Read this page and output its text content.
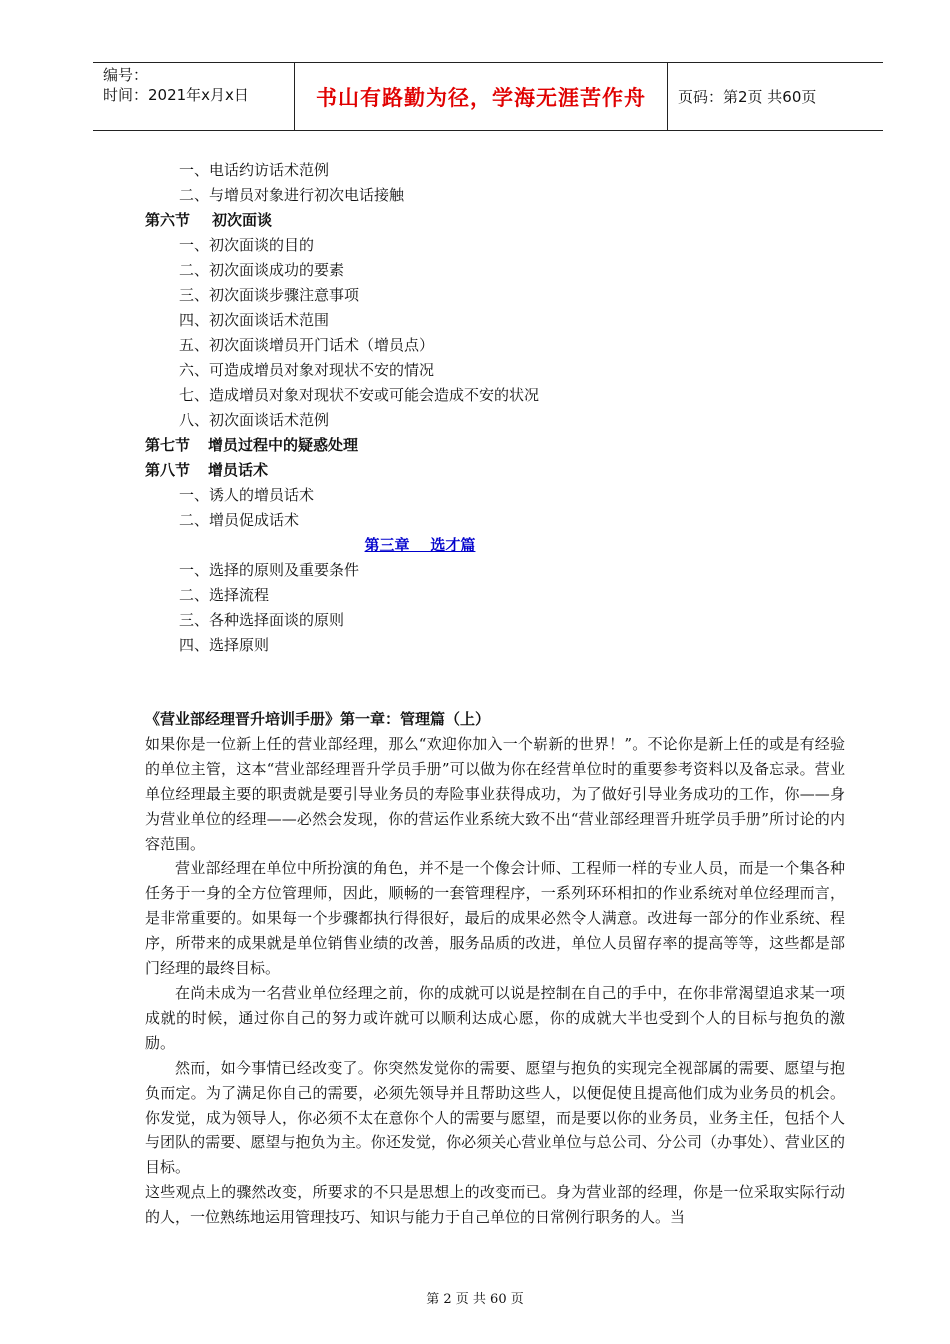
编号：
时间：2021年x月x日	书山有路勤为径，学海无涯苦作舟	页码：第2页 共60页
一、电话约访话术范例
二、与增员对象进行初次电话接触
第六节 初次面谈
一、初次面谈的目的
二、初次面谈成功的要素
三、初次面谈步骤注意事项
四、初次面谈话术范围
五、初次面谈增员开门话术（增员点）
六、可造成增员对象对现状不安的情况
七、造成增员对象对现状不安或可能会造成不安的状况
八、初次面谈话术范例
第七节 增员过程中的疑惑处理
第八节 增员话术
一、诱人的增员话术
二、增员促成话术
第三章    选才篇
一、选择的原则及重要条件
二、选择流程
三、各种选择面谈的原则
四、选择原则
《营业部经理晋升培训手册》第一章：管理篇（上）

如果你是一位新上任的营业部经理，那么“欢迎你加入一个崭新的世界！”。不论你是新上任的或是有经验的单位主管，这本“营业部经理晋升学员手册”可以做为你在经营单位时的重要参考资料以及备忘录。营业单位经理最主要的职责就是要引导业务员的寿险事业获得成功，为了做好引导业务成功的工作，你——身为营业单位的经理——必然会发现，你的营运作业系统大致不出“营业部经理晋升班学员手册”所讨论的内容范围。

营业部经理在单位中所扮演的角色，并不是一个像会计师、工程师一样的专业人员，而是一个集各种任务于一身的全方位管理师，因此，顺畅的一套管理程序，一系列环环相扣的作业系统对单位经理而言，是非常重要的。如果每一个步骤都执行得很好，最后的成果必然令人满意。改进每一部分的作业系统、程序，所带来的成果就是单位销售业绩的改善，服务品质的改进，单位人员留存率的提高等等，这些都是部门经理的最终目标。

在尚未成为一名营业单位经理之前，你的成就可以说是控制在自己的手中，在你非常渴望追求某一项成就的时候，通过你自己的努力或许就可以顺利达成心愿，你的成就大半也受到个人的目标与抱负的激励。

然而，如今事情已经改变了。你突然发觉你的需要、愿望与抱负的实现完全视部属的需要、愿望与抱负而定。为了满足你自己的需要，必须先领导并且帮助这些人，以便促使且提高他们成为业务员的机会。你发觉，成为领导人，你必须不太在意你个人的需要与愿望，而是要以你的业务员，业务主任，包括个人与团队的需要、愿望与抱负为主。你还发觉，你必须关心营业单位与总公司、分公司（办事处）、营业区的目标。

这些观点上的骤然改变，所要求的不只是思想上的改变而已。身为营业部的经理，你是一位采取实际行动的人，一位熟练地运用管理技巧、知识与能力于自己单位的日常例行职务的人。当

第 2 页 共 60 页
